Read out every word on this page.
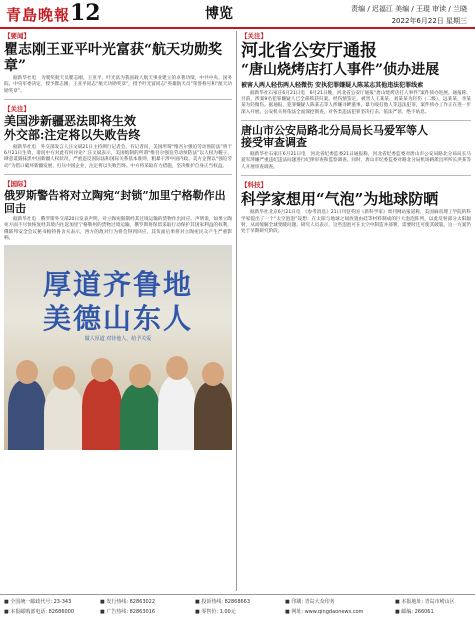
青島晚報 12	博览	责编 / 迟福江 美编 / 王琨 审读 / 兰晓
2022年6月22日 星期三
【要闻】
瞿志刚王亚平叶光富获“航天功勋奖章”

据新华社电　为褒奖航天员瞿志刚、王亚平、叶光富为我国载人航天事业建立的卓著功绩，中共中央、国务院、中央军委决定，授予瞿志刚、王亚平同志“航天功勋奖章”，授予叶光富同志“英雄航天员”荣誉称号和“航天功勋奖章”。

【关注】
美国涉新疆恶法即将生效
外交部:注定将以失败告终

据新华社电　外交部发言人汪文斌21日主持例行记者会。有记者问，美国所谓“维吾尔强迫劳动预防法”将于6月21日生效，请问中方对此有何评论？汪文斌表示，美国炮制的所谓“维吾尔强迫劳动预防法”以人权为幌子，肆意诋毁抹黑中国新疆人权状况，严重违反国际法和国际关系基本准则，粗暴干涉中国内政。美方企图以“强迫劳动”为借口破坏新疆发展、打压中国企业，注定将以失败告终。中方将采取有力措施，坚决维护自身正当权益。

【国际】
俄罗斯警告将对立陶宛“封锁”加里宁格勒作出回击

据新华社电　俄罗斯外交部20日发表声明，对立陶宛限制经其过境运输的货物作出回应。声明说，如果立陶宛方面不尽快恢复经其境内往返加里宁格勒州的货物过境运输，俄罗斯将保留采取行动保护其国家利益的权利。俄联邦安全会议秘书帕特鲁舍夫表示，西方的敌对行为将会得到回应，其负面后果将对立陶宛民众产生严重影响。

厚道齐鲁地
美德山东人
做人厚道 对待他人，给予关爱
【关注】
河北省公安厅通报
“唐山烧烤店打人事件”侦办进展
被害人两人轻伤两人轻微伤 安执犯罪嫌疑人陈某志其他违法犯罪线索

据新华社石家庄6月21日电　6月21日晚，河北省公安厅通报“唐山烧烤店打人事件”案件侦办进展。通报称，目前，涉案9名犯罪嫌疑人已全部抓获归案。经伤情鉴定，被害人王某某、刘某某为轻伤（二级），远某某、李某某为轻微伤。据通报，犯罪嫌疑人陈某志等人涉嫌寻衅滋事、暴力殴打他人等违法犯罪，案件侦办工作正在进一步深入开展。公安机关将依法全面深挖彻查，对各类违法犯罪坚决打击、依法严惩，绝不姑息。

唐山市公安局路北分局局长马爱军等人
接受审查调查

据新华社石家庄6月21日电　河北省纪委监委21日通报称，河北省纪委监委对唐山市公安局路北分局局长马爱军涉嫌严重违纪违法问题进行纪律审查和监察调查。同时，唐山市纪委监委对路北分局机场路派出所所长洪某等人开展审查调查。

【科技】
科学家想用“气泡”为地球防晒

据新华社北京6月21日电　《参考消息》21日刊登英国《新科学家》周刊网站报道称，美国麻省理工学院的科学家提出了一个“太空泡泡”设想：在太阳与地球之间放置由硅等材料制成的巨大泡泡阵列，以此反射部分太阳辐射，从而缓解全球变暖问题。研究人员表示，这些泡泡可在太空中制造并部署，需要时还可使其破裂。这一方案仍处于早期研究阶段。

■ 全国统一邮政代号: 23-343
■ 本报邮购部电话: 82686000
■ 发行热线: 82863022
■ 广告热线: 82863016
■ 投诉热线: 82868663
■ 零售价: 1.00元
■ 印刷: 青岛大众印务
■ 网址: www.qingdaonews.com
■ 本报地址: 青岛市崂山区
■ 邮编: 266061
